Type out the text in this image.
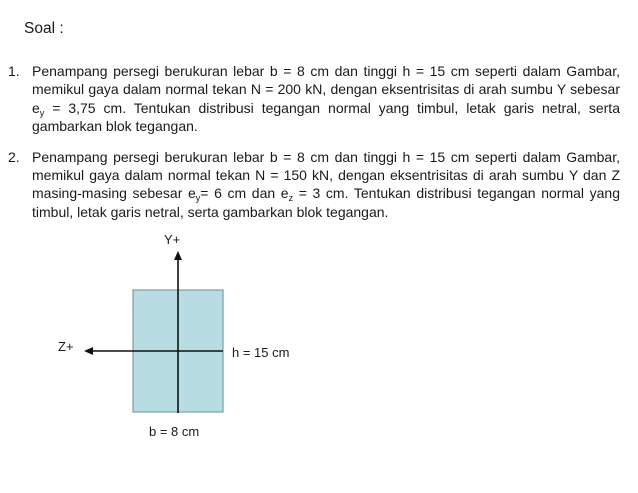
Soal :
1. Penampang persegi berukuran lebar b = 8 cm dan tinggi h = 15 cm seperti dalam Gambar, memikul gaya dalam normal tekan N = 200 kN, dengan eksentrisitas di arah sumbu Y sebesar $e_y = 3,75$ cm. Tentukan distribusi tegangan normal yang timbul, letak garis netral, serta gambarkan blok tegangan.
2. Penampang persegi berukuran lebar b = 8 cm dan tinggi h = 15 cm seperti dalam Gambar, memikul gaya dalam normal tekan N = 150 kN, dengan eksentrisitas di arah sumbu Y dan Z masing-masing sebesar $e_y= 6$ cm dan $e_z = 3$ cm. Tentukan distribusi tegangan normal yang timbul, letak garis netral, serta gambarkan blok tegangan.
Y+
Z+	h = 15 cm
b = 8 cm
